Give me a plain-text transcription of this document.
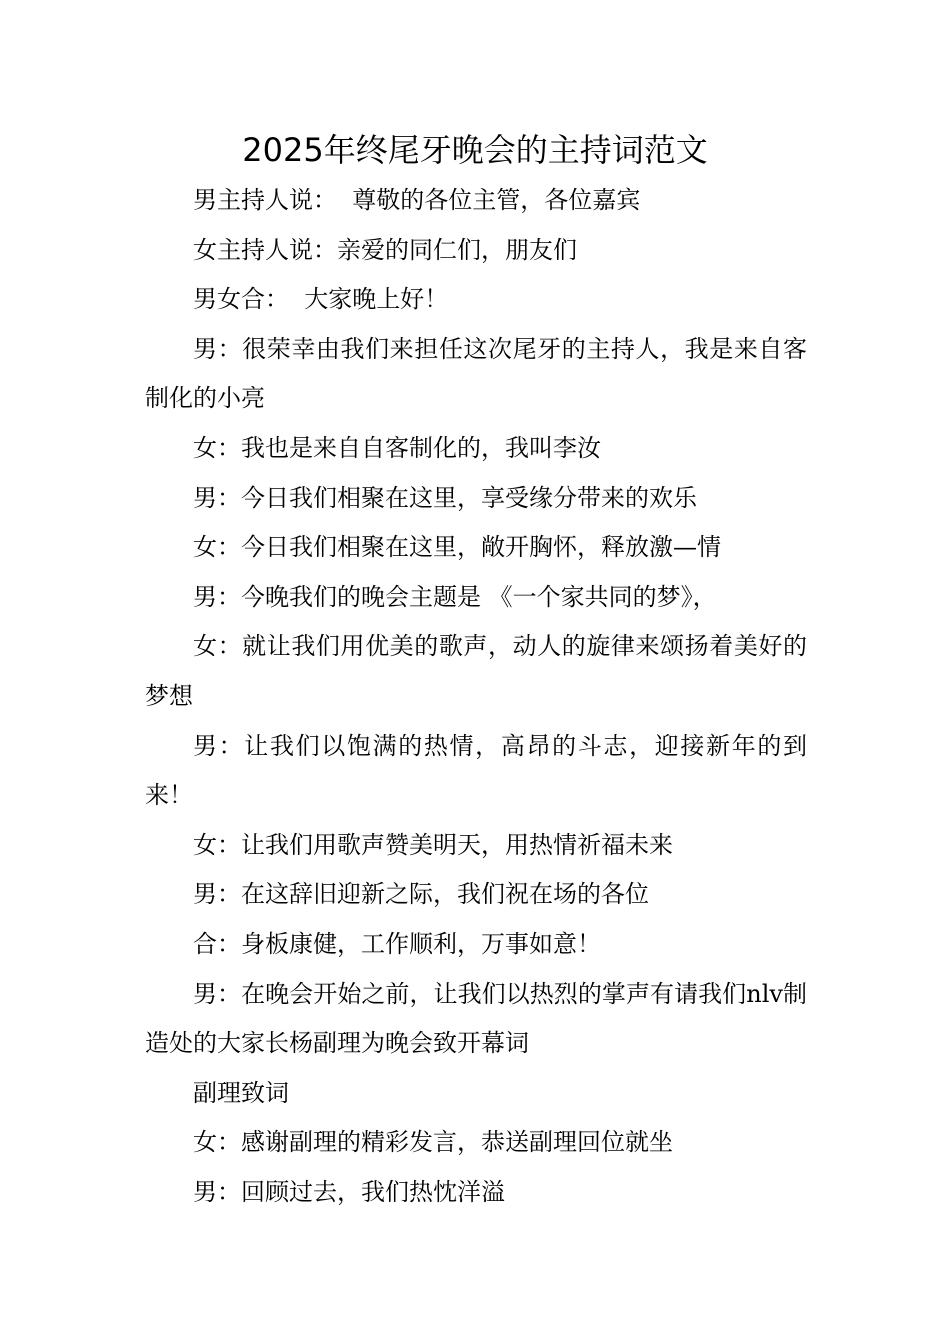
2025年终尾牙晚会的主持词范文

男主持人说：  尊敬的各位主管，各位嘉宾

女主持人说：亲爱的同仁们，朋友们

男女合：  大家晚上好！

男：很荣幸由我们来担任这次尾牙的主持人，我是来自客制化的小亮

女：我也是来自自客制化的，我叫李汝

男：今日我们相聚在这里，享受缘分带来的欢乐

女：今日我们相聚在这里，敞开胸怀，释放激—情

男：今晚我们的晚会主题是 《一个家共同的梦》，

女：就让我们用优美的歌声，动人的旋律来颂扬着美好的梦想

男：让我们以饱满的热情，高昂的斗志，迎接新年的到来！

女：让我们用歌声赞美明天，用热情祈福未来

男：在这辞旧迎新之际，我们祝在场的各位

合：身板康健，工作顺利，万事如意！

男：在晚会开始之前，让我们以热烈的掌声有请我们nlv制造处的大家长杨副理为晚会致开幕词

副理致词

女：感谢副理的精彩发言，恭送副理回位就坐

男：回顾过去，我们热忱洋溢
